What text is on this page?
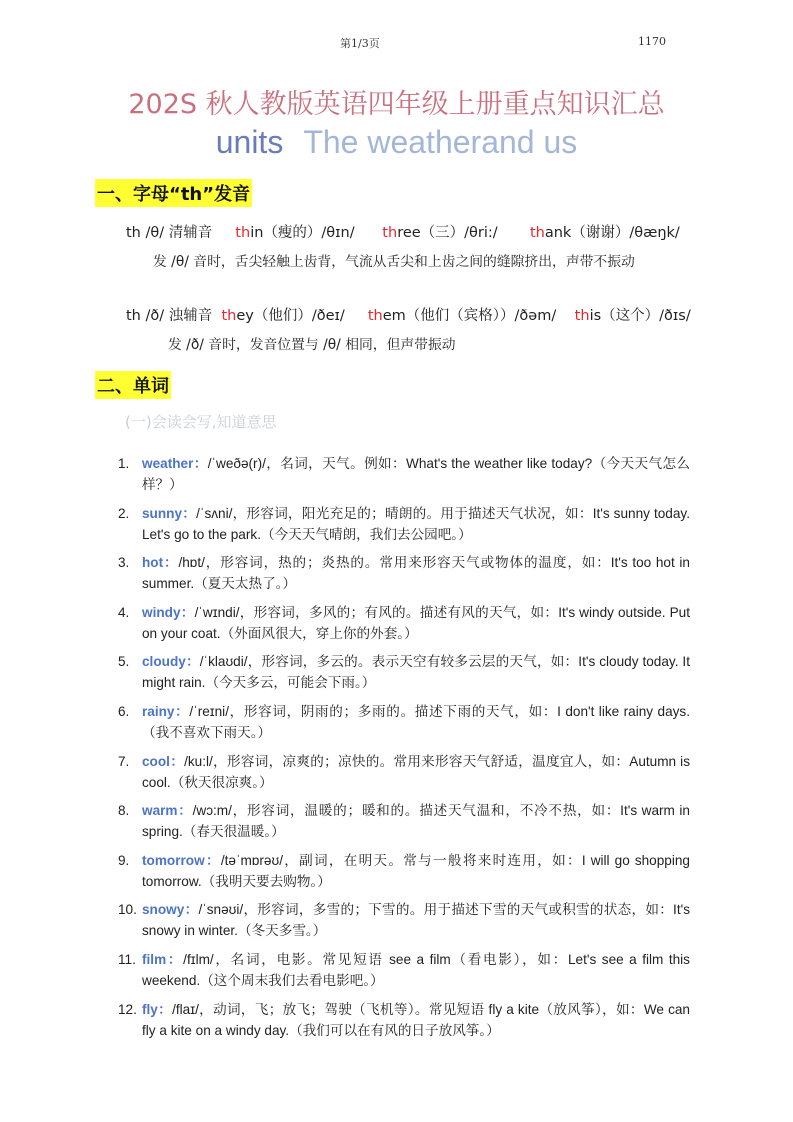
第1/3页	1170
202S 秋人教版英语四年级上册重点知识汇总
units The weatherand us
一、字母“th”发音
th /θ/ 清辅音 thin（瘦的）/θɪn/ three（三）/θri:/ thank（谢谢）/θæŋk/
发 /θ/ 音时，舌尖轻触上齿背，气流从舌尖和上齿之间的缝隙挤出，声带不振动
th /ð/ 浊辅音 they（他们）/ðeɪ/ them（他们（宾格））/ðəm/ this（这个）/ðɪs/
发 /ð/ 音时，发音位置与 /θ/ 相同，但声带振动
二、单词
(一)会读会写,知道意思
1. weather：/ˈweðə(r)/，名词，天气。例如：What's the weather like today?（今天天气怎么样？）
2. sunny：/ˈsʌni/，形容词，阳光充足的；晴朗的。用于描述天气状况，如：It's sunny today. Let's go to the park.（今天天气晴朗，我们去公园吧。）
3. hot：/hɒt/，形容词，热的；炎热的。常用来形容天气或物体的温度，如：It's too hot in summer.（夏天太热了。）
4. windy：/ˈwɪndi/，形容词，多风的；有风的。描述有风的天气，如：It's windy outside. Put on your coat.（外面风很大，穿上你的外套。）
5. cloudy：/ˈklaʊdi/，形容词，多云的。表示天空有较多云层的天气，如：It's cloudy today. It might rain.（今天多云，可能会下雨。）
6. rainy：/ˈreɪni/，形容词，阴雨的；多雨的。描述下雨的天气，如：I don't like rainy days.（我不喜欢下雨天。）
7. cool：/ku:l/，形容词，凉爽的；凉快的。常用来形容天气舒适，温度宜人，如：Autumn is cool.（秋天很凉爽。）
8. warm：/wɔ:m/，形容词，温暖的；暖和的。描述天气温和，不冷不热，如：It's warm in spring.（春天很温暖。）
9. tomorrow：/təˈmɒrəʊ/，副词，在明天。常与一般将来时连用，如：I will go shopping tomorrow.（我明天要去购物。）
10. snowy：/ˈsnəʊi/，形容词，多雪的；下雪的。用于描述下雪的天气或积雪的状态，如：It's snowy in winter.（冬天多雪。）
11. film：/fɪlm/，名词，电影。常见短语 see a film（看电影），如：Let's see a film this weekend.（这个周末我们去看电影吧。）
12. fly：/flaɪ/，动词，飞；放飞；驾驶（飞机等）。常见短语 fly a kite（放风筝），如：We can fly a kite on a windy day.（我们可以在有风的日子放风筝。）
